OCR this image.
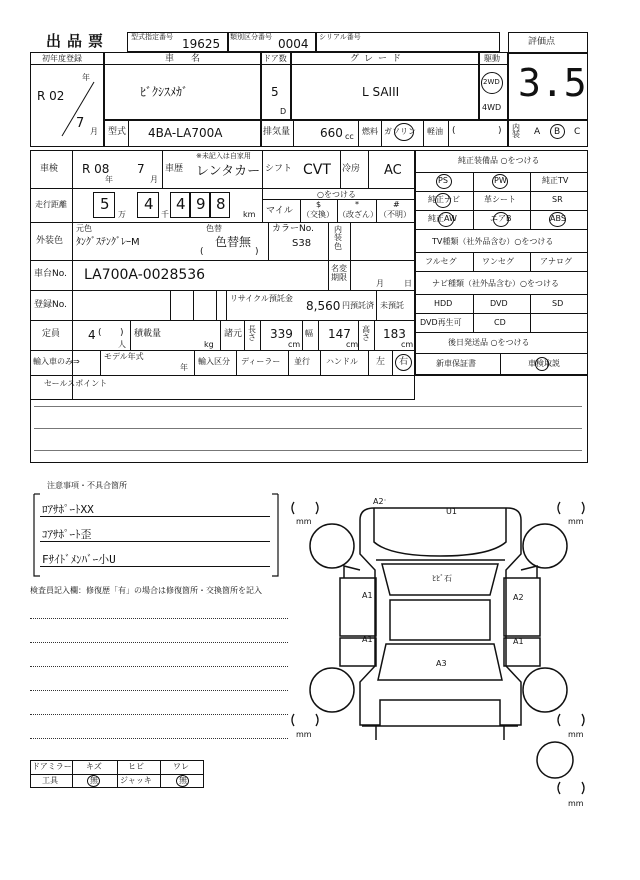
出品票	型式指定番号 19625 類別区分番号 0004 シリアル番号	評価点
3.5
内装 A B C
初年度登録
R 02
年
7
月
車　名
ﾋﾞｸｼｽﾒｶﾞ
ドア数
5
D
グレード
L SAIII
駆動
2WD
4WD
型式 4BA-LA700A	排気量 660 cc
燃料 ガソリン 軽油 (	)
車検 R 08
年
7
月
車歴
※未記入は自家用
レンタカー シフト CVT 冷房 AC
走行距離 5
万
4
千
4 9 8
km
○をつける
マイル
$
（交換）
*
（改ざん）
#
（不明）
外装色
元色
ﾀﾝｸﾞｽﾃﾝｸﾞﾚｰM
色替
色替無
(	)
カラーNo.
S38
内装色
車台No. LA700A-0028536	名変期限
月	日
登録No.
リサイクル預託金
8,560 円預託済 未預託
定員 4 ( )
人
積載量
kg
諸元 長さ 339
cm
幅 147
cm
高さ 183
cm
輸入車のみ⇒
モデル年式
年
輸入区分 ディーラー 並行 ハンドル 左 右
純正装備品 ○をつける
PS	PW	純正TV
純正ナビ	革シート	SR
純正AW	エアB	ABS
TV種類（社外品含む）○をつける
フルセグ	ワンセグ	アナログ
ナビ種類（社外品含む）○をつける
HDD	DVD	SD
DVD再生可	CD
後日発送品 ○をつける
新車保証書	車検取説
セールスポイント
注意事項・不具合箇所
ﾛｱｻﾎﾟｰﾄXX
ｺｱｻﾎﾟｰﾄ歪
Fｻｲﾄﾞﾒﾝﾊﾞｰ小U
検査員記入欄：修復歴「有」の場合は修復箇所・交換箇所を記入
ドアミラー キズ	ヒビ	ワレ
工具	無	ジャッキ	無
mm	mm
mm	mm
mm
A2
U1
ﾋﾋﾞ石
A1	A2
A1	A1
A3
